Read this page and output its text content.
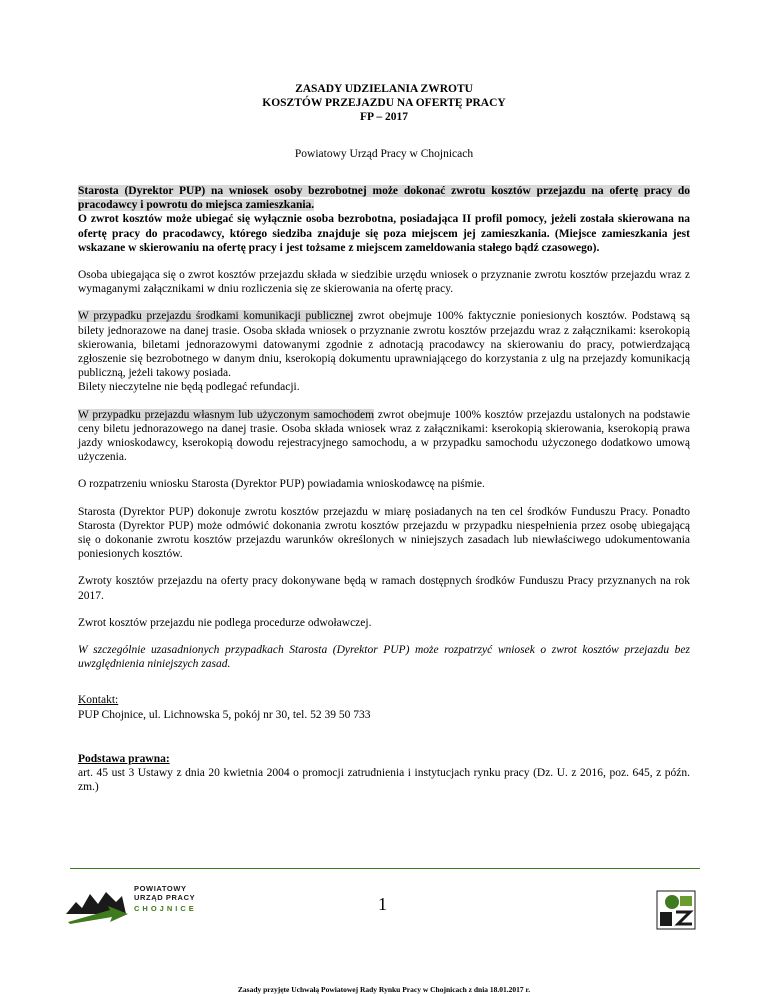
ZASADY UDZIELANIA ZWROTU
KOSZTÓW PRZEJAZDU NA OFERTĘ PRACY
FP – 2017
Powiatowy Urząd Pracy w Chojnicach

Starosta (Dyrektor PUP) na wniosek osoby bezrobotnej może dokonać zwrotu kosztów przejazdu na ofertę pracy do pracodawcy i powrotu do miejsca zamieszkania.
O zwrot kosztów może ubiegać się wyłącznie osoba bezrobotna, posiadająca II profil pomocy, jeżeli została skierowana na ofertę pracy do pracodawcy, którego siedziba znajduje się poza miejscem jej zamieszkania. (Miejsce zamieszkania jest wskazane w skierowaniu na ofertę pracy i jest tożsame z miejscem zameldowania stałego bądź czasowego).

Osoba ubiegająca się o zwrot kosztów przejazdu składa w siedzibie urzędu wniosek o przyznanie zwrotu kosztów przejazdu wraz z wymaganymi załącznikami w dniu rozliczenia się ze skierowania na ofertę pracy.

W przypadku przejazdu środkami komunikacji publicznej zwrot obejmuje 100% faktycznie poniesionych kosztów. Podstawą są bilety jednorazowe na danej trasie. Osoba składa wniosek o przyznanie zwrotu kosztów przejazdu wraz z załącznikami: kserokopią skierowania, biletami jednorazowymi datowanymi zgodnie z adnotacją pracodawcy na skierowaniu do pracy, potwierdzającą zgłoszenie się bezrobotnego w danym dniu, kserokopią dokumentu uprawniającego do korzystania z ulg na przejazdy komunikacją publiczną, jeżeli takowy posiada.
Bilety nieczytelne nie będą podlegać refundacji.

W przypadku przejazdu własnym lub użyczonym samochodem zwrot obejmuje 100% kosztów przejazdu ustalonych na podstawie ceny biletu jednorazowego na danej trasie. Osoba składa wniosek wraz z załącznikami: kserokopią skierowania, kserokopią prawa jazdy wnioskodawcy, kserokopią dowodu rejestracyjnego samochodu, a w przypadku samochodu użyczonego dodatkowo umową użyczenia.

O rozpatrzeniu wniosku Starosta (Dyrektor PUP) powiadamia wnioskodawcę na piśmie.

Starosta (Dyrektor PUP) dokonuje zwrotu kosztów przejazdu w miarę posiadanych na ten cel środków Funduszu Pracy. Ponadto Starosta (Dyrektor PUP) może odmówić dokonania zwrotu kosztów przejazdu w przypadku niespełnienia przez osobę ubiegającą się o dokonanie zwrotu kosztów przejazdu warunków określonych w niniejszych zasadach lub niewłaściwego udokumentowania poniesionych kosztów.

Zwroty kosztów przejazdu na oferty pracy dokonywane będą w ramach dostępnych środków Funduszu Pracy przyznanych na rok 2017.

Zwrot kosztów przejazdu nie podlega procedurze odwoławczej.

W szczególnie uzasadnionych przypadkach Starosta (Dyrektor PUP) może rozpatrzyć wniosek o zwrot kosztów przejazdu bez uwzględnienia niniejszych zasad.

Kontakt:
PUP Chojnice, ul. Lichnowska 5, pokój nr 30, tel. 52 39 50 733
Podstawa prawna:
art. 45 ust 3 Ustawy z dnia 20 kwietnia 2004 o promocji zatrudnienia i instytucjach rynku pracy (Dz. U. z 2016, poz. 645, z późn. zm.)
POWIATOWY
URZĄD PRACY
CHOJNICE	1
Zasady przyjęte Uchwałą Powiatowej Rady Rynku Pracy w Chojnicach z dnia 18.01.2017 r.
